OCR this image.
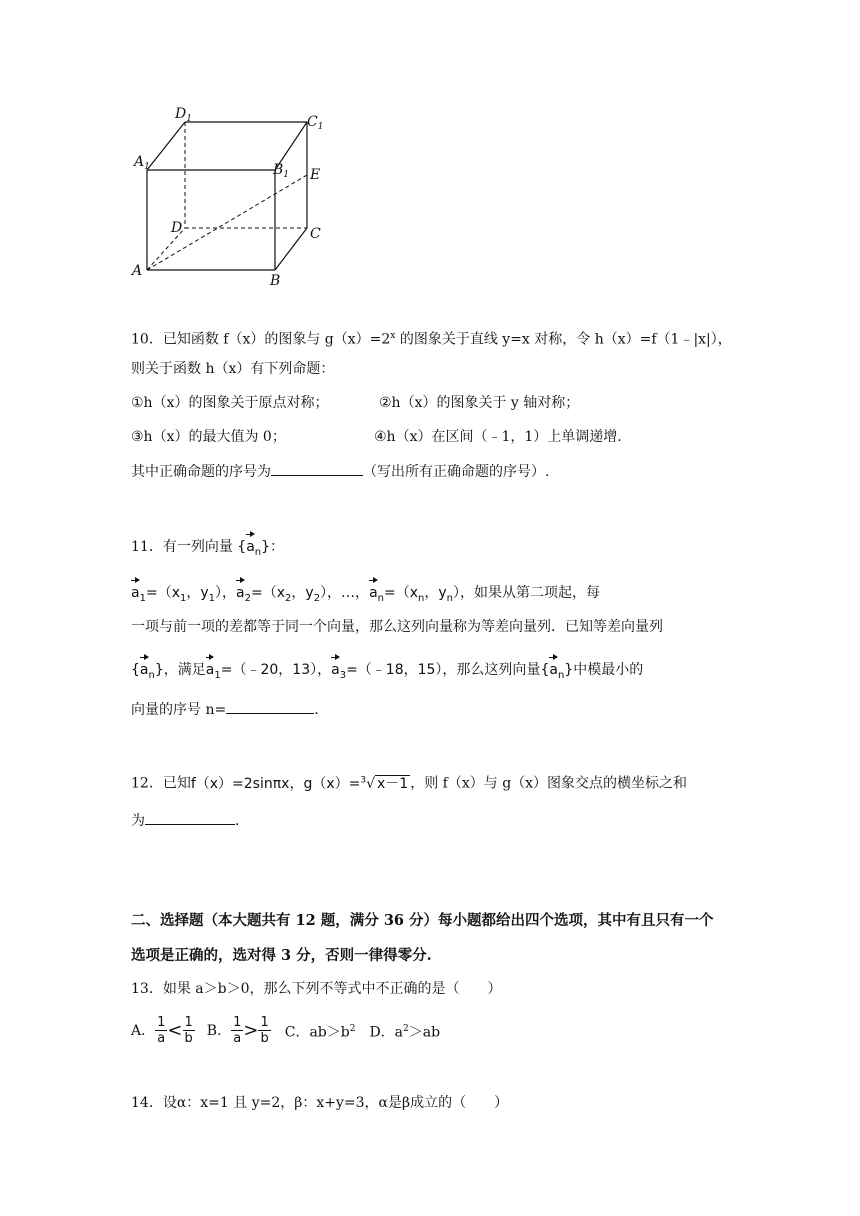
$D_1$	$C_1$
$A_1$	$B_1$ E
D	C
A
B
10．已知函数 f（x）的图象与 $g(x)=2^x$ 的图象关于直线 y=x 对称，令 h（x）=f（1﹣|x|），
则关于函数 h（x）有下列命题：
①h（x）的图象关于原点对称；	②h（x）的图象关于 y 轴对称；
③h（x）的最大值为 0；	④h（x）在区间（﹣1，1）上单调递增.
其中正确命题的序号为	（写出所有正确命题的序号）.
11．有一列向量 $\{a_n\}$：
$a_1=(x_1$，$y_1$），$a_2=(x_2$，$y_2$），…，$a_n=(x_n$，$y_n$），如果从第二项起，每
一项与前一项的差都等于同一个向量，那么这列向量称为等差向量列．已知等差向量列
$\{a_n\}$，满足$a_1=(﹣20$，13），$a_3=(﹣18$，15），那么这列向量$\{a_n\}$中模最小的
向量的序号 n=	.
12．已知f（x）=2sinπx，g（x）=$^3$√ x－1 ，则 f（x）与 g（x）图象交点的横坐标之和
为	.
二、选择题（本大题共有 12 题，满分 36 分）每小题都给出四个选项，其中有且只有一个
选项是正确的，选对得 3 分，否则一律得零分.
13．如果 a＞b＞0，那么下列不等式中不正确的是（　　）
A． $\frac{1}{a} < \frac{1}{b}$ B． $\frac{1}{a} > \frac{1}{b}$ C．$ab>b^2$ D．$a^2>ab$
14．设α：x=1 且 y=2，β：x+y=3，α是β成立的（　　）
